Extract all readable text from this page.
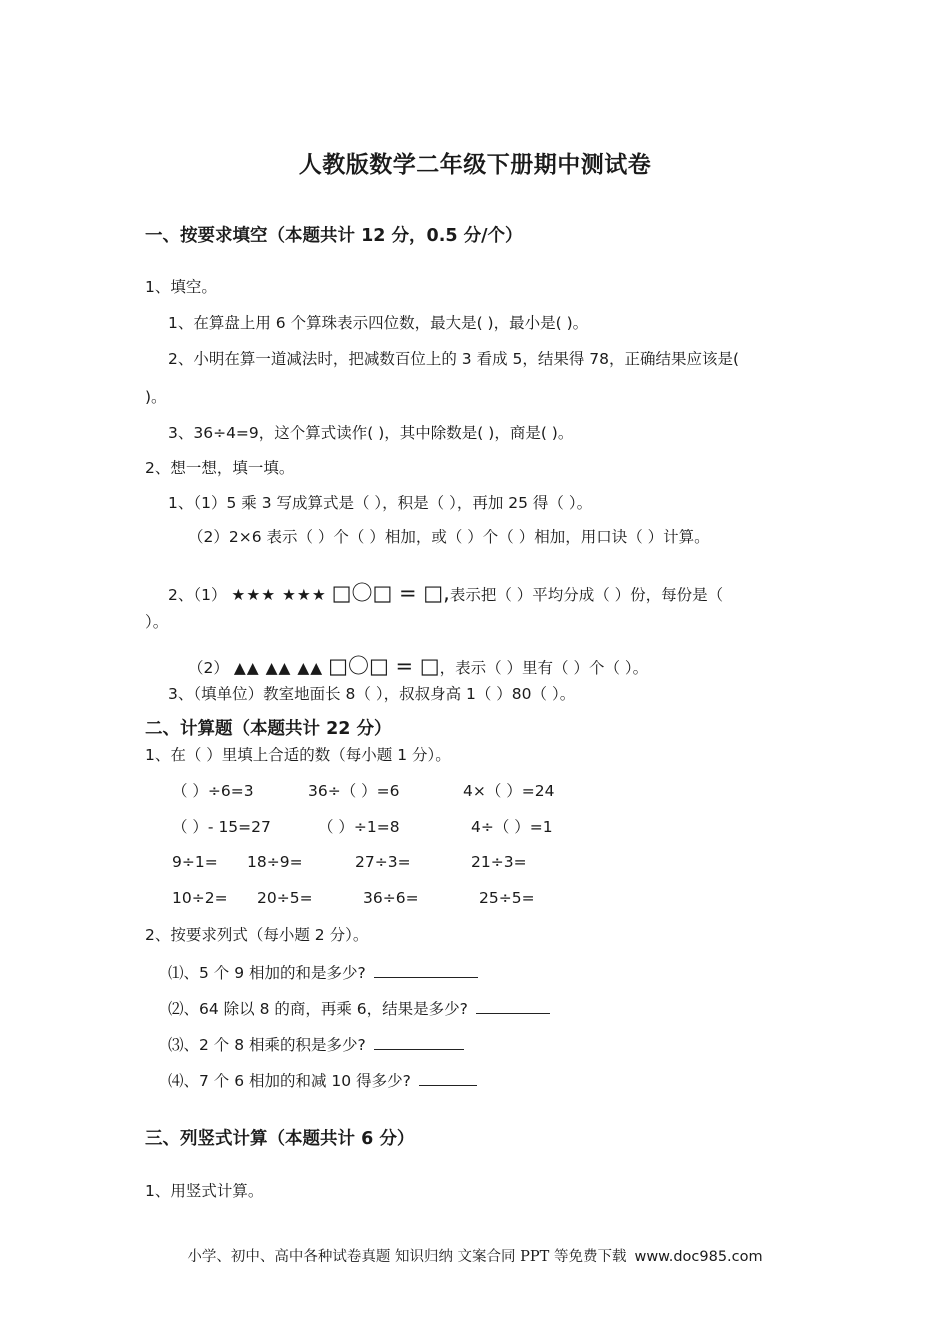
人教版数学二年级下册期中测试卷
一、按要求填空（本题共计 12 分，0.5 分/个）
1、填空。
1、在算盘上用 6 个算珠表示四位数，最大是( )，最小是( )。
2、小明在算一道减法时，把减数百位上的 3 看成 5，结果得 78，正确结果应该是(
)。
3、36÷4=9，这个算式读作( )，其中除数是( )，商是( )。
2、想一想，填一填。
1、（1）5 乘 3 写成算式是（ ），积是（ ），再加 25 得（ ）。
（2）2×6 表示（ ）个（ ）相加，或（ ）个（ ）相加，用口诀（ ）计算。
2、（1） ★★★ ★★★ □〇□ = □,表示把（ ）平均分成（ ）份，每份是（
）。
（2） ▲▲ ▲▲ ▲▲ □〇□ = □，表示（ ）里有（ ）个（ ）。
3、（填单位）教室地面长 8（ ），叔叔身高 1（ ）80（ ）。
二、计算题（本题共计 22 分）
1、在（ ）里填上合适的数（每小题 1 分）。
（ ）÷6=3	36÷（ ）=6	4×（ ）=24
（ ）- 15=27	（ ）÷1=8	4÷（ ）=1
9÷1= 18÷9=	27÷3=	21÷3=
10÷2= 20÷5=	36÷6=	25÷5=
2、按要求列式（每小题 2 分）。
⑴、5 个 9 相加的和是多少?
⑵、64 除以 8 的商，再乘 6，结果是多少?
⑶、2 个 8 相乘的积是多少?
⑷、7 个 6 相加的和减 10 得多少?
三、列竖式计算（本题共计 6 分）
1、用竖式计算。
小学、初中、高中各种试卷真题 知识归纳 文案合同 PPT 等免费下载 www.doc985.com
